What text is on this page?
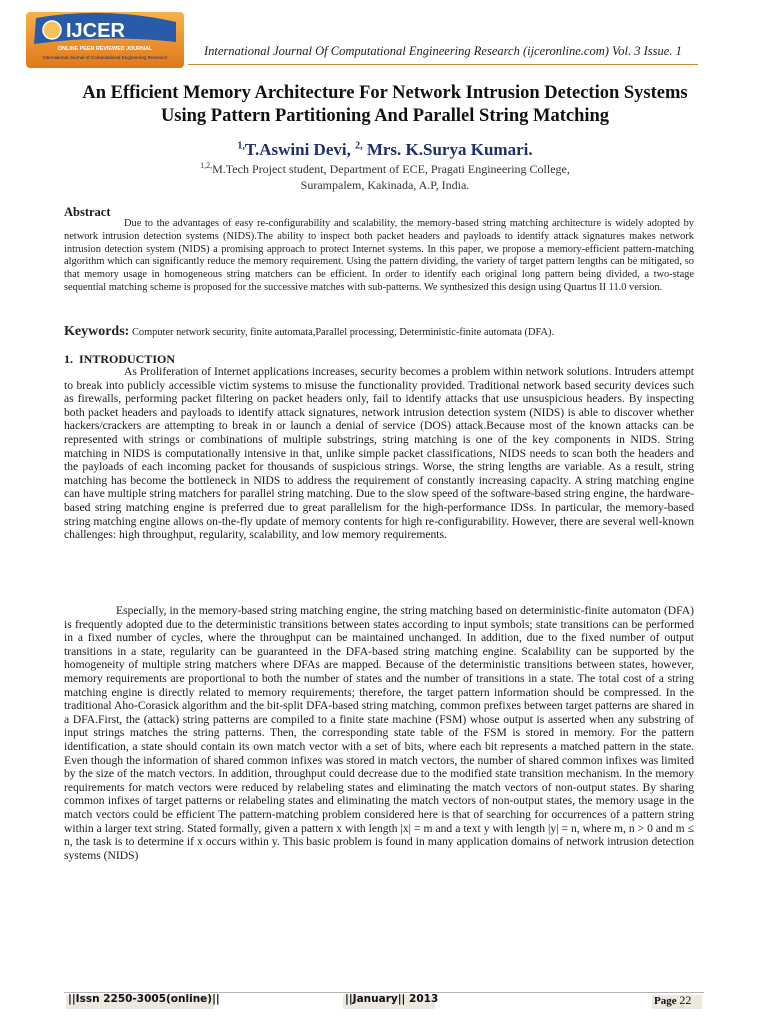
IJCER
ONLINE PEER REVIEWED JOURNAL
International Journal of Computational Engineering Research	International Journal Of Computational Engineering Research (ijceronline.com) Vol. 3 Issue. 1
An Efficient Memory Architecture For Network Intrusion Detection Systems Using Pattern Partitioning And Parallel String Matching
$^{1,}$T.Aswini Devi, $^{2,}$ Mrs. K.Surya Kumari.
$^{1,2,}$M.Tech Project student, Department of ECE, Pragati Engineering College,
Surampalem, Kakinada, A.P, India.
Abstract
Due to the advantages of easy re-configurability and scalability, the memory-based string matching architecture is widely adopted by network intrusion detection systems (NIDS).The ability to inspect both packet headers and payloads to identify attack signatures makes network intrusion detection system (NIDS) a promising approach to protect Internet systems. In this paper, we propose a memory-efficient pattern-matching algorithm which can significantly reduce the memory requirement. Using the pattern dividing, the variety of target pattern lengths can be mitigated, so that memory usage in homogeneous string matchers can be efficient. In order to identify each original long pattern being divided, a two-stage sequential matching scheme is proposed for the successive matches with sub-patterns. We synthesized this design using Quartus II 11.0 version.
Keywords: Computer network security, finite automata,Parallel processing, Deterministic-finite automata (DFA).
1. INTRODUCTION
As Proliferation of Internet applications increases, security becomes a problem within network solutions. Intruders attempt to break into publicly accessible victim systems to misuse the functionality provided. Traditional network based security devices such as firewalls, performing packet filtering on packet headers only, fail to identify attacks that use unsuspicious headers. By inspecting both packet headers and payloads to identify attack signatures, network intrusion detection system (NIDS) is able to discover whether hackers/crackers are attempting to break in or launch a denial of service (DOS) attack.Because most of the known attacks can be represented with strings or combinations of multiple substrings, string matching is one of the key components in NIDS. String matching in NIDS is computationally intensive in that, unlike simple packet classifications, NIDS needs to scan both the headers and the payloads of each incoming packet for thousands of suspicious strings. Worse, the string lengths are variable. As a result, string matching has become the bottleneck in NIDS to address the requirement of constantly increasing capacity. A string matching engine can have multiple string matchers for parallel string matching. Due to the slow speed of the software-based string engine, the hardware-based string matching engine is preferred due to great parallelism for the high-performance IDSs. In particular, the memory-based string matching engine allows on-the-fly update of memory contents for high re-configurability. However, there are several well-known challenges: high throughput, regularity, scalability, and low memory requirements.
Especially, in the memory-based string matching engine, the string matching based on deterministic-finite automaton (DFA) is frequently adopted due to the deterministic transitions between states according to input symbols; state transitions can be performed in a fixed number of cycles, where the throughput can be maintained unchanged. In addition, due to the fixed number of output transitions in a state, regularity can be guaranteed in the DFA-based string matching engine. Scalability can be supported by the homogeneity of multiple string matchers where DFAs are mapped. Because of the deterministic transitions between states, however, memory requirements are proportional to both the number of states and the number of transitions in a state. The total cost of a string matching engine is directly related to memory requirements; therefore, the target pattern information should be compressed. In the traditional Aho-Corasick algorithm and the bit-split DFA-based string matching, common prefixes between target patterns are shared in a DFA.First, the (attack) string patterns are compiled to a finite state machine (FSM) whose output is asserted when any substring of input strings matches the string patterns. Then, the corresponding state table of the FSM is stored in memory. For the pattern identification, a state should contain its own match vector with a set of bits, where each bit represents a matched pattern in the state. Even though the information of shared common infixes was stored in match vectors, the number of shared common infixes was limited by the size of the match vectors. In addition, throughput could decrease due to the modified state transition mechanism. In the memory requirements for match vectors were reduced by relabeling states and eliminating the match vectors of non-output states. By sharing common infixes of target patterns or relabeling states and eliminating the match vectors of non-output states, the memory usage in the match vectors could be efficient The pattern-matching problem considered here is that of searching for occurrences of a pattern string within a larger text string. Stated formally, given a pattern x with length |x| = m and a text y with length |y| = n, where m, n > 0 and m ≤ n, the task is to determine if x occurs within y. This basic problem is found in many application domains of network intrusion detection systems (NIDS)
||Issn 2250-3005(online)||	||January|| 2013	Page 22
